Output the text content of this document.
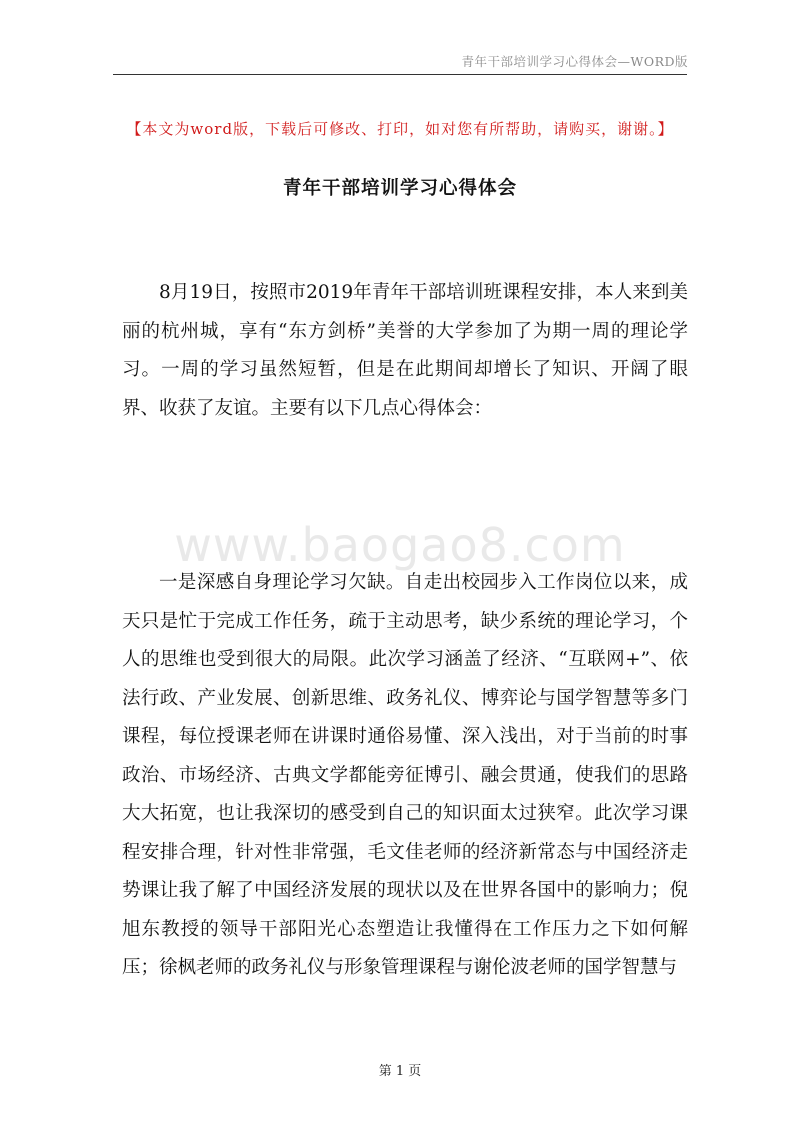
青年干部培训学习心得体会—WORD版
【本文为word版，下载后可修改、打印，如对您有所帮助，请购买，谢谢。】
青年干部培训学习心得体会

8月19日，按照市2019年青年干部培训班课程安排，本人来到美丽的杭州城，享有“东方剑桥”美誉的大学参加了为期一周的理论学习。一周的学习虽然短暂，但是在此期间却增长了知识、开阔了眼界、收获了友谊。主要有以下几点心得体会：

www.baogao8.com

一是深感自身理论学习欠缺。自走出校园步入工作岗位以来，成天只是忙于完成工作任务，疏于主动思考，缺少系统的理论学习，个人的思维也受到很大的局限。此次学习涵盖了经济、“互联网+”、依法行政、产业发展、创新思维、政务礼仪、博弈论与国学智慧等多门课程，每位授课老师在讲课时通俗易懂、深入浅出，对于当前的时事政治、市场经济、古典文学都能旁征博引、融会贯通，使我们的思路大大拓宽，也让我深切的感受到自己的知识面太过狭窄。此次学习课程安排合理，针对性非常强，毛文佳老师的经济新常态与中国经济走势课让我了解了中国经济发展的现状以及在世界各国中的影响力；倪旭东教授的领导干部阳光心态塑造让我懂得在工作压力之下如何解压；徐枫老师的政务礼仪与形象管理课程与谢伦波老师的国学智慧与

第 1 页
